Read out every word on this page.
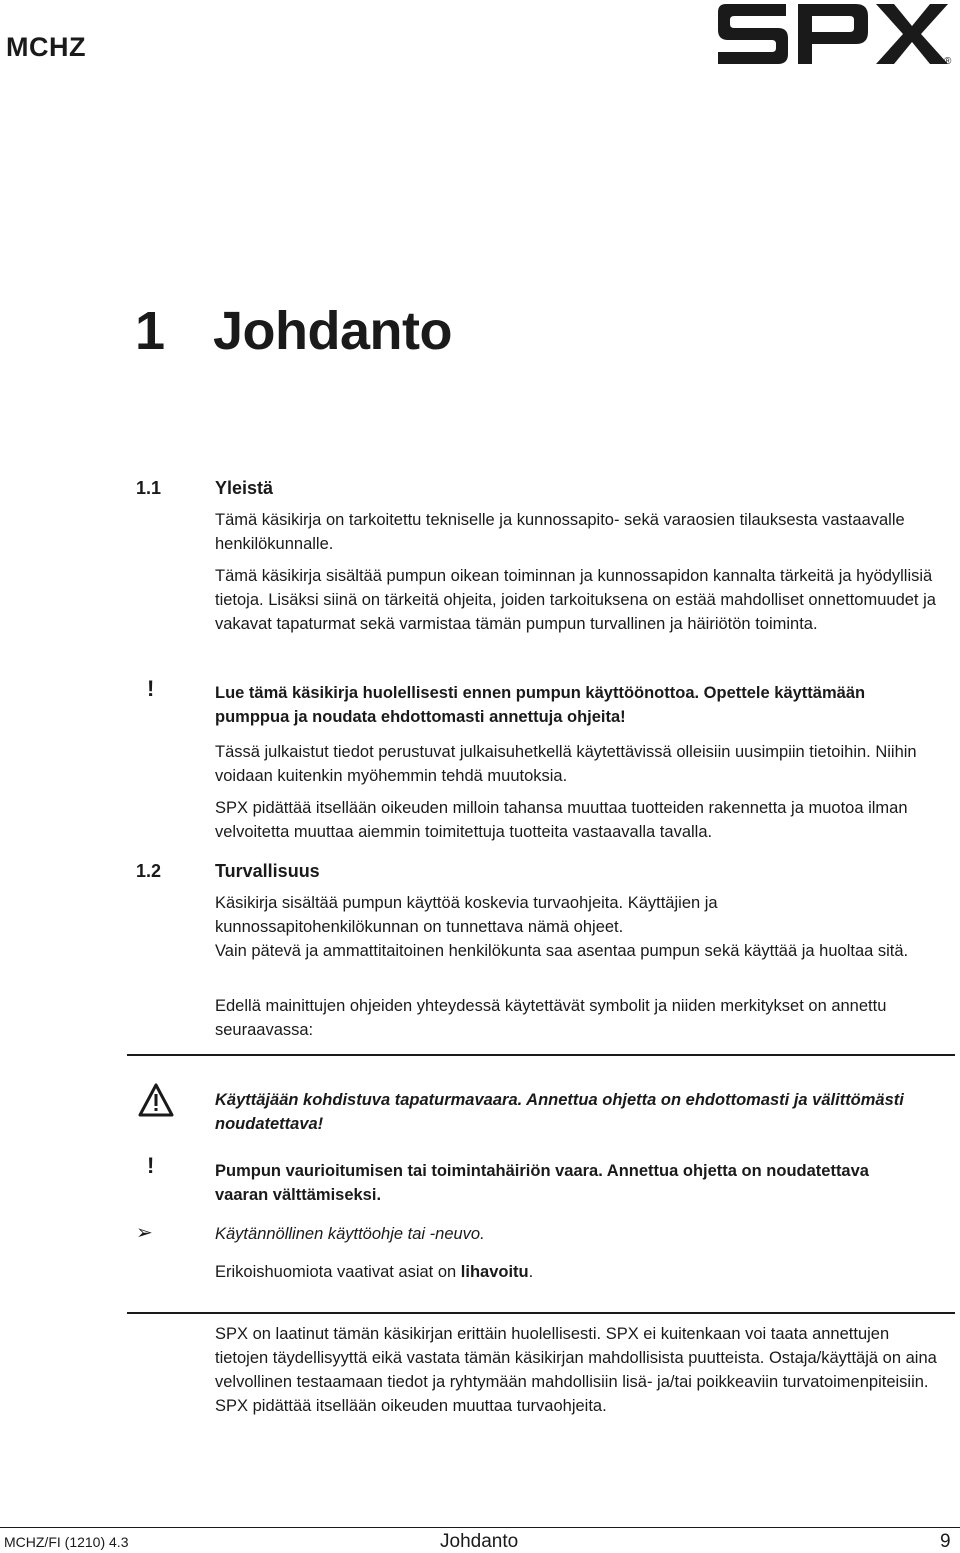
MCHZ	®
1 Johdanto
1.1	Yleistä

Tämä käsikirja on tarkoitettu tekniselle ja kunnossapito- sekä varaosien tilauksesta vastaavalle henkilökunnalle.

Tämä käsikirja sisältää pumpun oikean toiminnan ja kunnossapidon kannalta tärkeitä ja hyödyllisiä tietoja. Lisäksi siinä on tärkeitä ohjeita, joiden tarkoituksena on estää mahdolliset onnettomuudet ja vakavat tapaturmat sekä varmistaa tämän pumpun turvallinen ja häiriötön toiminta.

!	Lue tämä käsikirja huolellisesti ennen pumpun käyttöönottoa. Opettele käyttämään pumppua ja noudata ehdottomasti annettuja ohjeita!

Tässä julkaistut tiedot perustuvat julkaisuhetkellä käytettävissä olleisiin uusimpiin tietoihin. Niihin voidaan kuitenkin myöhemmin tehdä muutoksia.

SPX pidättää itsellään oikeuden milloin tahansa muuttaa tuotteiden rakennetta ja muotoa ilman velvoitetta muuttaa aiemmin toimitettuja tuotteita vastaavalla tavalla.

1.2	Turvallisuus

Käsikirja sisältää pumpun käyttöä koskevia turvaohjeita. Käyttäjien ja kunnossapitohenkilökunnan on tunnettava nämä ohjeet.

Vain pätevä ja ammattitaitoinen henkilökunta saa asentaa pumpun sekä käyttää ja huoltaa sitä.

Edellä mainittujen ohjeiden yhteydessä käytettävät symbolit ja niiden merkitykset on annettu seuraavassa:

Käyttäjään kohdistuva tapaturmavaara. Annettua ohjetta on ehdottomasti ja välittömästi noudatettava!

!	Pumpun vaurioitumisen tai toimintahäiriön vaara. Annettua ohjetta on noudatettava vaaran välttämiseksi.

➢	Käytännöllinen käyttöohje tai -neuvo.

Erikoishuomiota vaativat asiat on lihavoitu.

SPX on laatinut tämän käsikirjan erittäin huolellisesti. SPX ei kuitenkaan voi taata annettujen tietojen täydellisyyttä eikä vastata tämän käsikirjan mahdollisista puutteista. Ostaja/käyttäjä on aina velvollinen testaamaan tiedot ja ryhtymään mahdollisiin lisä- ja/tai poikkeaviin turvatoimenpiteisiin. SPX pidättää itsellään oikeuden muuttaa turvaohjeita.

MCHZ/FI (1210) 4.3	Johdanto	9
